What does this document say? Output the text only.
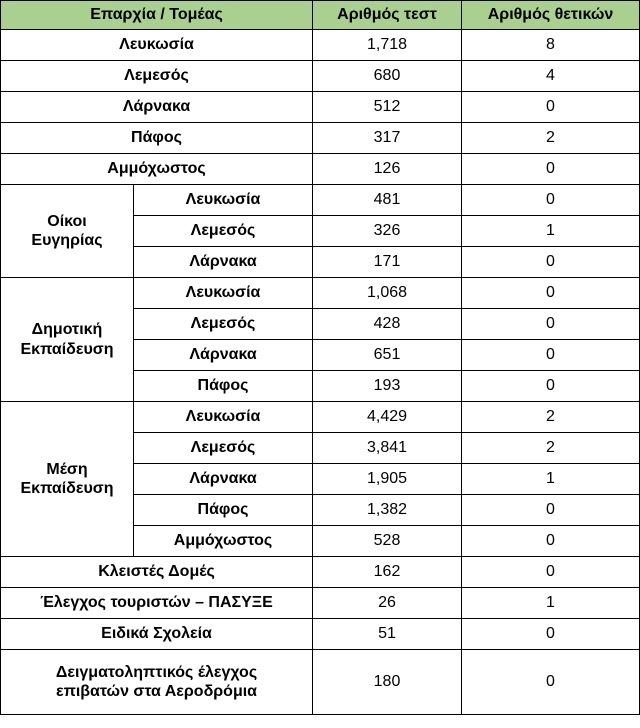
Επαρχία / Τομέας		Αριθμός τεστ	Αριθμός θετικών
Λευκωσία		1,718	8
Λεμεσός		680	4
Λάρνακα		512	0
Πάφος		317	2
Αμμόχωστος		126	0
Οίκοι
Ευγηρίας	Λευκωσία	481	0
	Λεμεσός	326	1
	Λάρνακα	171	0
Δημοτική
Εκπαίδευση	Λευκωσία	1,068	0
	Λεμεσός	428	0
	Λάρνακα	651	0
	Πάφος	193	0
Μέση
Εκπαίδευση	Λευκωσία	4,429	2
	Λεμεσός	3,841	2
	Λάρνακα	1,905	1
	Πάφος	1,382	0
	Αμμόχωστος	528	0
Κλειστές Δομές		162	0
Έλεγχος τουριστών – ΠΑΣΥΞΕ		26	1
Ειδικά Σχολεία		51	0
Δειγματοληπτικός έλεγχος
επιβατών στα Αεροδρόμια		180	0
